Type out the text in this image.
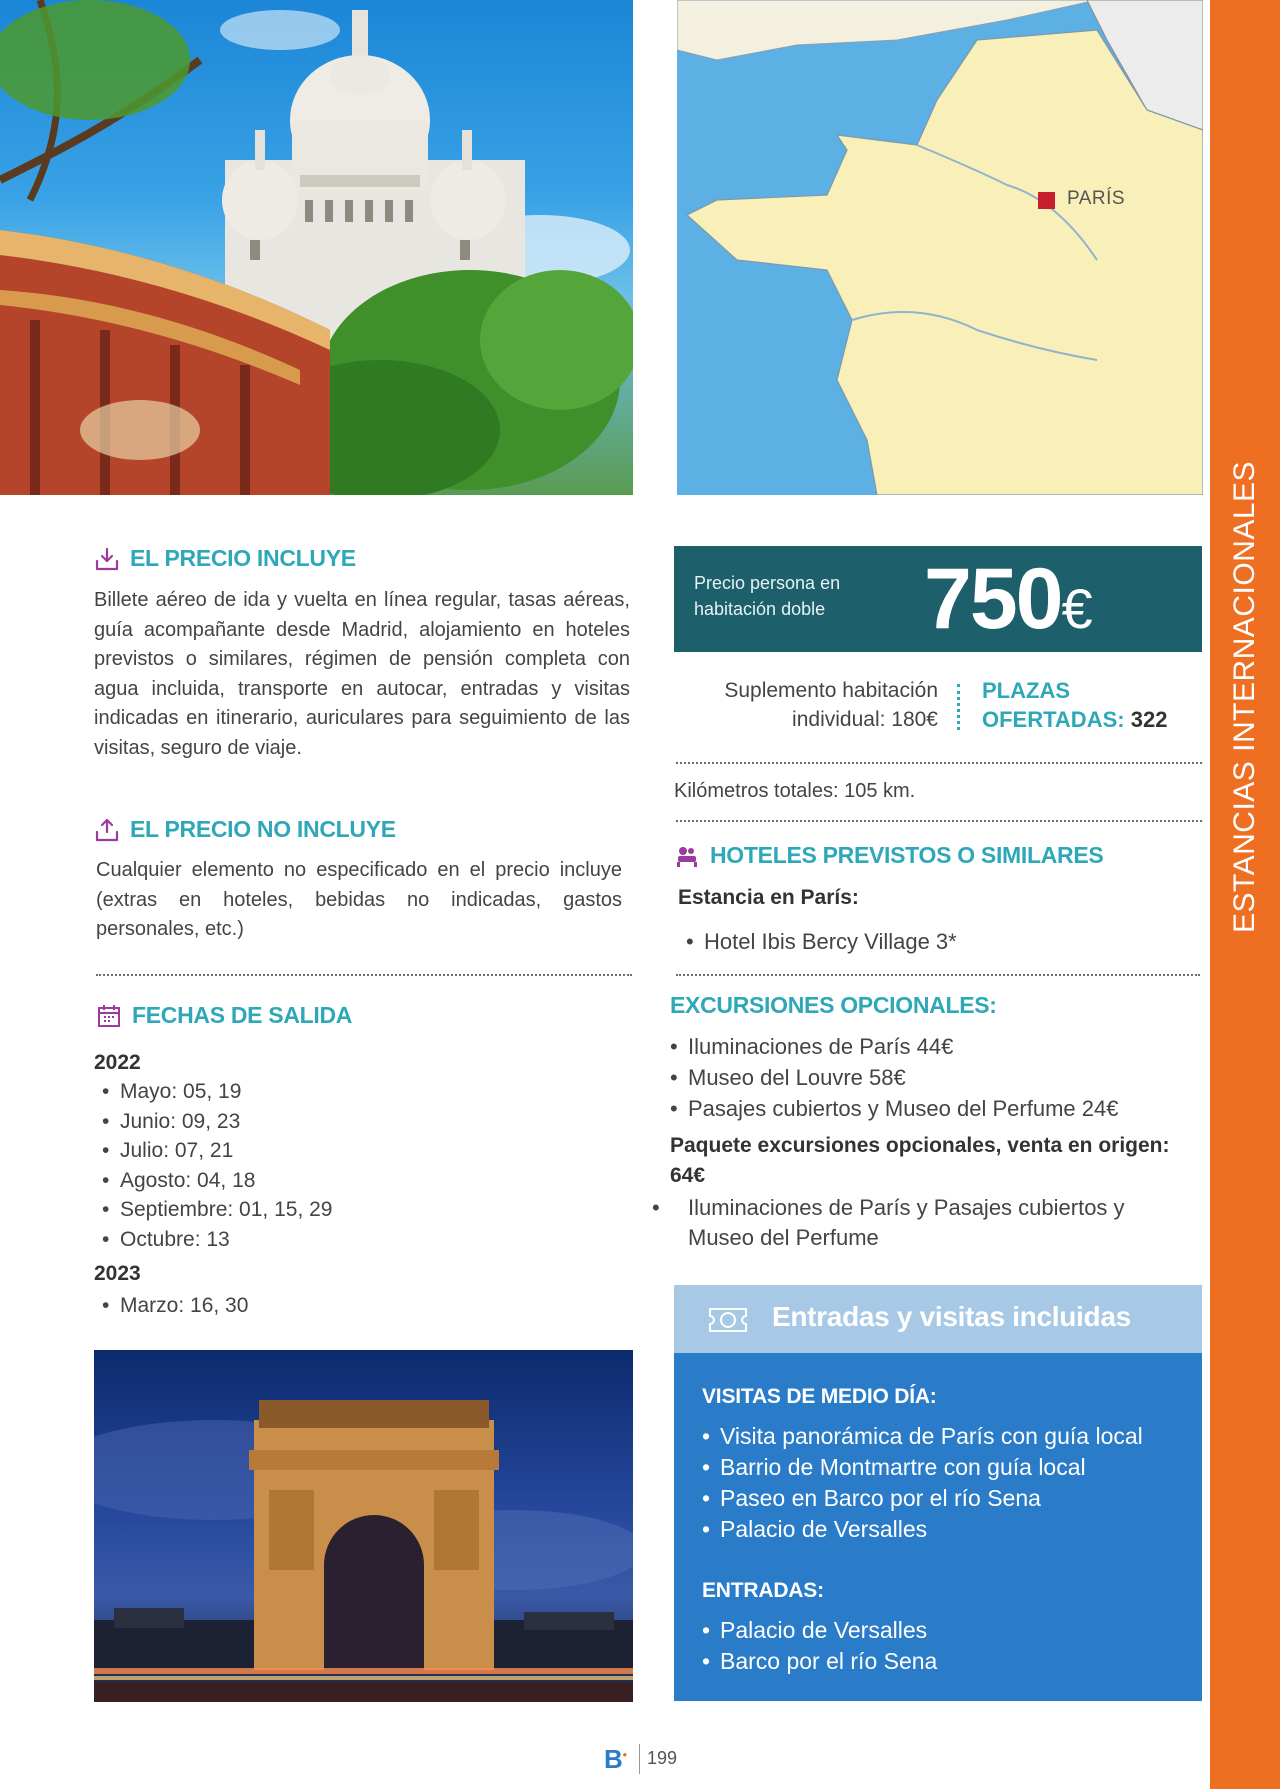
PARÍS
ESTANCIAS INTERNACIONALES
EL PRECIO INCLUYE
Billete aéreo de ida y vuelta en línea regular, tasas aéreas, guía acompañante desde Madrid, alojamiento en hoteles previstos o similares, régimen de pensión completa con agua incluida, transporte en autocar, entradas y visitas indicadas en itinerario, auriculares para seguimiento de las visitas, seguro de viaje.
EL PRECIO NO INCLUYE
Cualquier elemento no especificado en el precio incluye (extras en hoteles, bebidas no indicadas, gastos personales, etc.)
FECHAS DE SALIDA
2022
• Mayo: 05, 19
• Junio: 09, 23
• Julio: 07, 21
• Agosto: 04, 18
• Septiembre: 01, 15, 29
• Octubre: 13
2023
• Marzo: 16, 30
Precio persona en habitación doble	750€
Suplemento habitación
individual: 180€
PLAZAS
OFERTADAS: 322
Kilómetros totales: 105 km.
HOTELES PREVISTOS O SIMILARES
Estancia en París:
• Hotel Ibis Bercy Village 3*
EXCURSIONES OPCIONALES:
• Iluminaciones de París 44€
• Museo del Louvre 58€
• Pasajes cubiertos y Museo del Perfume 24€
Paquete excursiones opcionales, venta en origen: 64€
• Iluminaciones de París y Pasajes cubiertos y Museo del Perfume
Entradas y visitas incluidas
VISITAS DE MEDIO DÍA:
• Visita panorámica de París con guía local
• Barrio de Montmartre con guía local
• Paseo en Barco por el río Sena
• Palacio de Versalles
ENTRADAS:
• Palacio de Versalles
• Barco por el río Sena
B• 199
